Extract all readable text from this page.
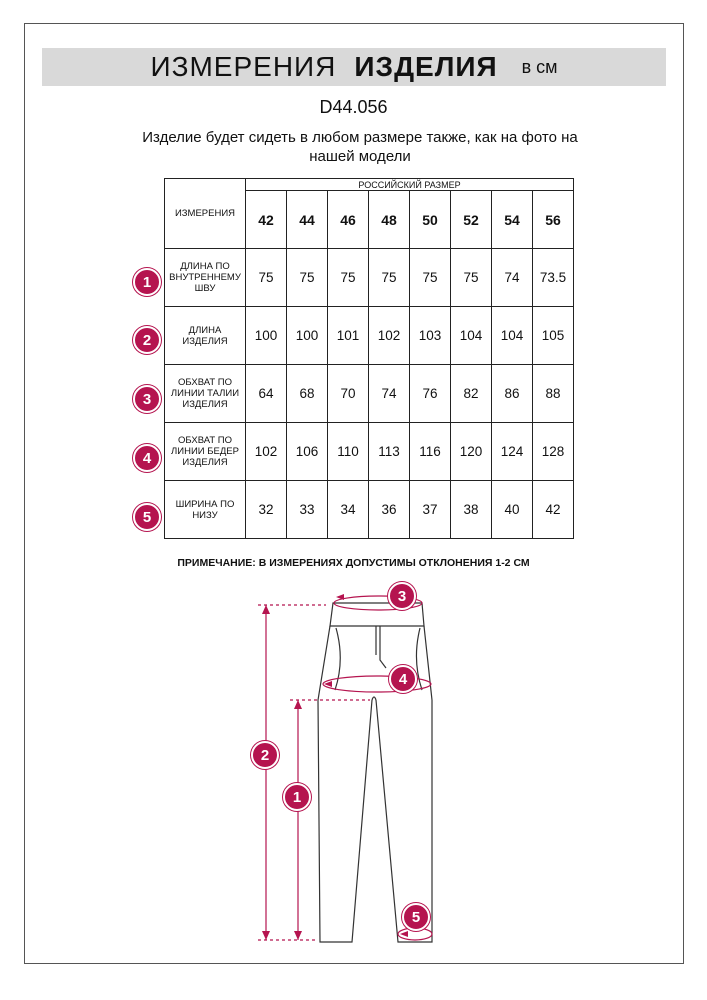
ИЗМЕРЕНИЯ ИЗДЕЛИЯ в см
D44.056
Изделие будет сидеть в любом размере также, как на фото на
нашей модели
ИЗМЕРЕНИЯ	РОССИЙСКИЙ РАЗМЕР							
	42	44	46	48	50	52	54	56

ДЛИНА ПО
ВНУТРЕННЕМУ
ШВУ	75	75	75	75	75	75	74	73.5

ДЛИНА
ИЗДЕЛИЯ	100	100	101	102	103	104	104	105

ОБХВАТ ПО
ЛИНИИ ТАЛИИ
ИЗДЕЛИЯ	64	68	70	74	76	82	86	88

ОБХВАТ ПО
ЛИНИИ БЕДЕР
ИЗДЕЛИЯ	102	106	110	113	116	120	124	128

ШИРИНА ПО
НИЗУ	32	33	34	36	37	38	40	42
ПРИМЕЧАНИЕ: В ИЗМЕРЕНИЯХ ДОПУСТИМЫ ОТКЛОНЕНИЯ 1-2 СМ
1
2
3
4
5
3
4
2
1
5
